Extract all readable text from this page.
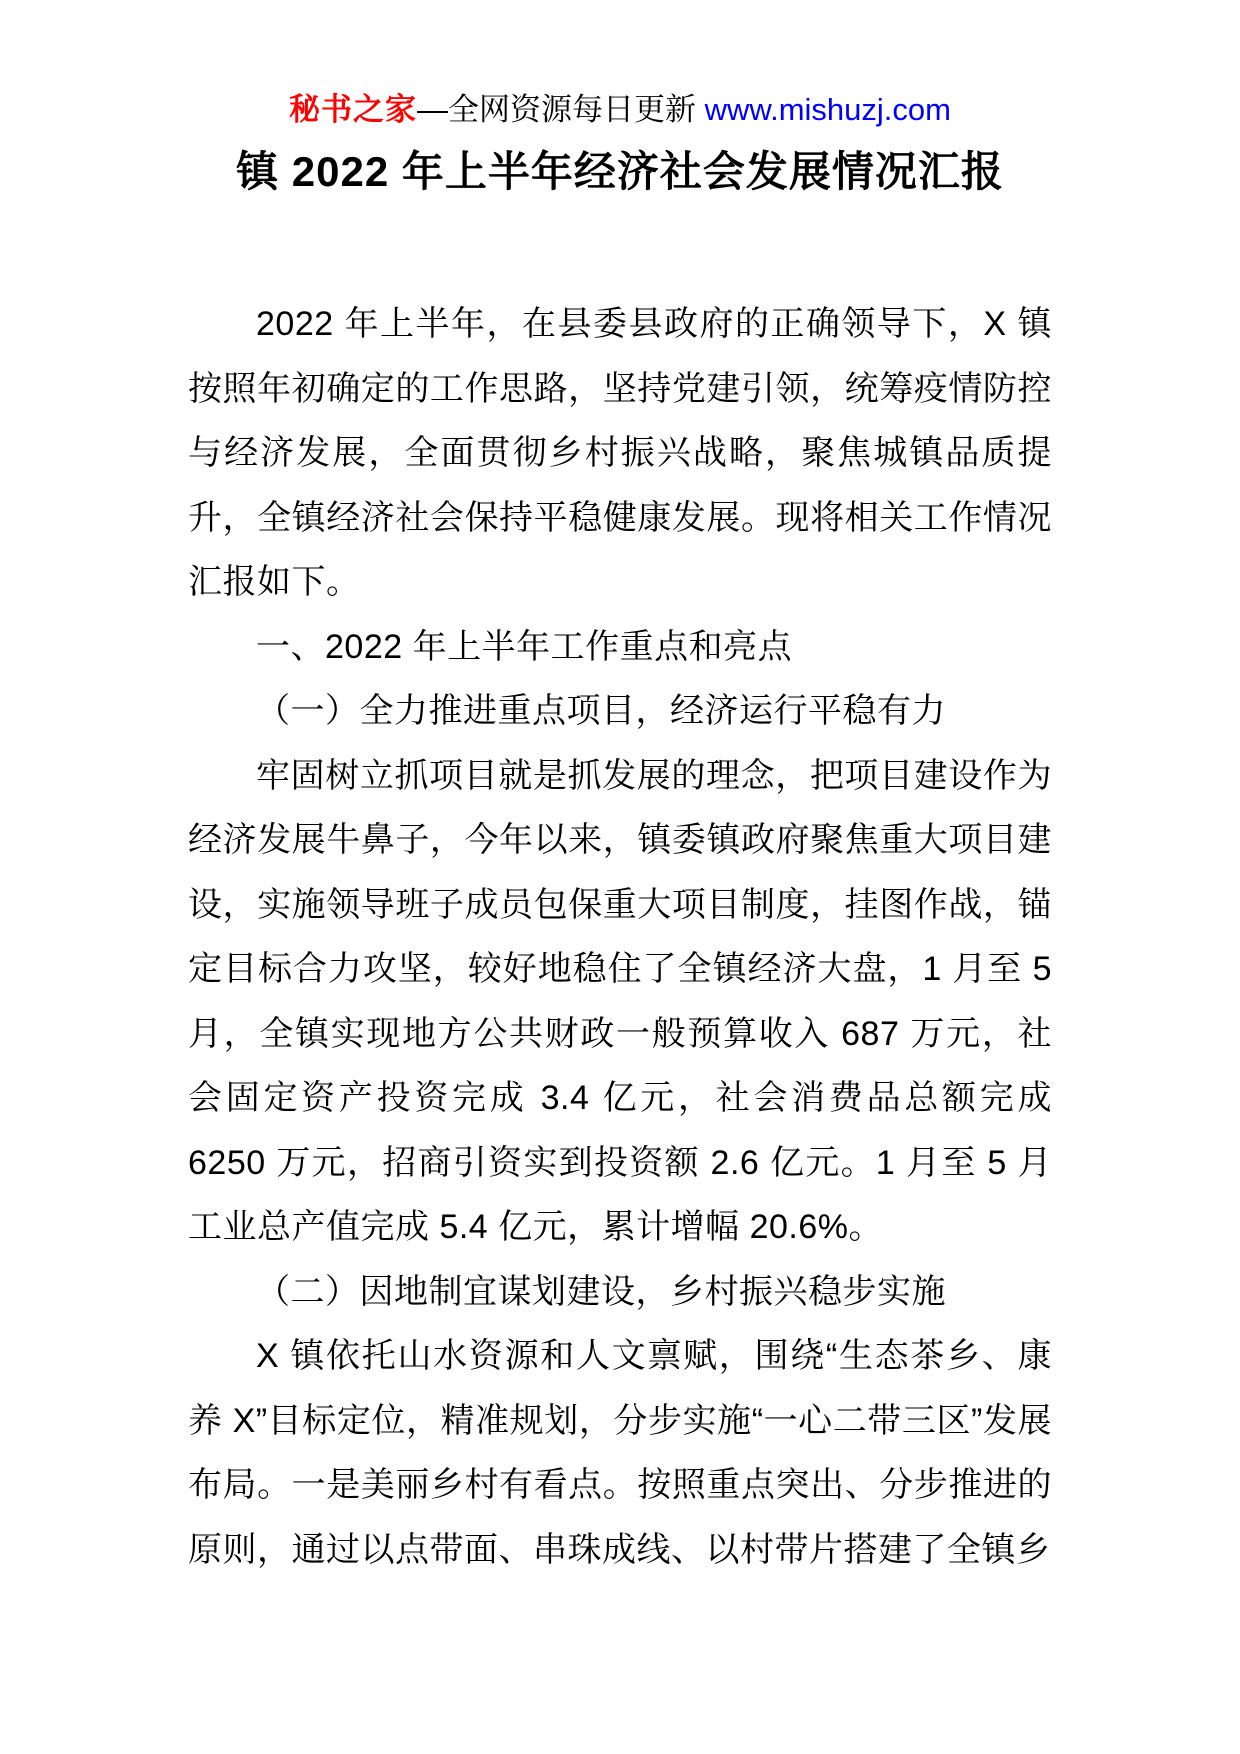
秘书之家—全网资源每日更新 www.mishuzj.com
镇 2022 年上半年经济社会发展情况汇报

2022 年上半年，在县委县政府的正确领导下，X 镇按照年初确定的工作思路，坚持党建引领，统筹疫情防控与经济发展，全面贯彻乡村振兴战略，聚焦城镇品质提升，全镇经济社会保持平稳健康发展。现将相关工作情况汇报如下。

一、2022 年上半年工作重点和亮点

（一）全力推进重点项目，经济运行平稳有力

牢固树立抓项目就是抓发展的理念，把项目建设作为经济发展牛鼻子，今年以来，镇委镇政府聚焦重大项目建设，实施领导班子成员包保重大项目制度，挂图作战，锚定目标合力攻坚，较好地稳住了全镇经济大盘，1 月至 5 月，全镇实现地方公共财政一般预算收入 687 万元，社会固定资产投资完成 3.4 亿元，社会消费品总额完成 6250 万元，招商引资实到投资额 2.6 亿元。1 月至 5 月工业总产值完成 5.4 亿元，累计增幅 20.6%。

（二）因地制宜谋划建设，乡村振兴稳步实施

X 镇依托山水资源和人文禀赋，围绕“生态茶乡、康养 X”目标定位，精准规划，分步实施“一心二带三区”发展布局。一是美丽乡村有看点。按照重点突出、分步推进的原则，通过以点带面、串珠成线、以村带片搭建了全镇乡
